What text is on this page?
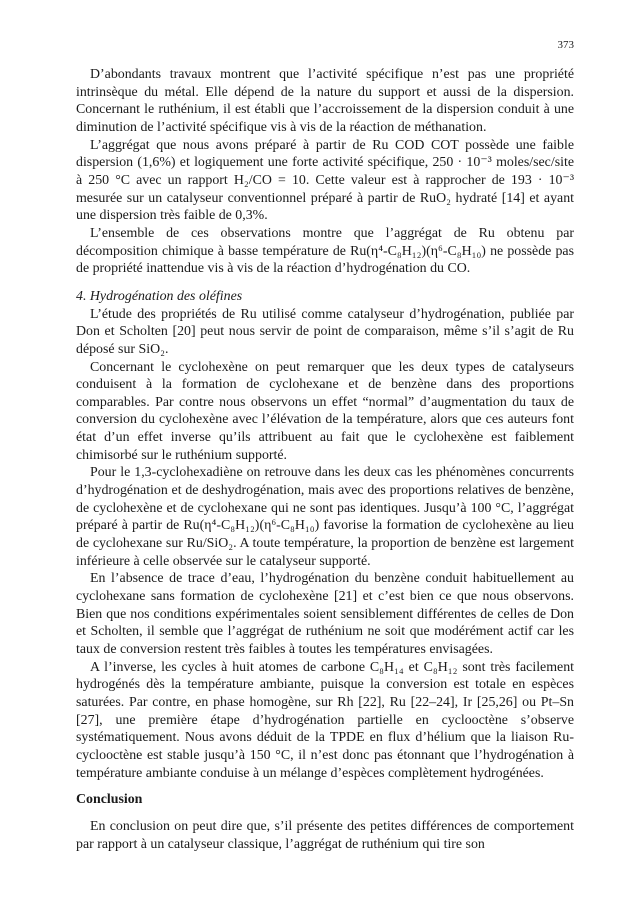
373

D’abondants travaux montrent que l’activité spécifique n’est pas une propriété intrinsèque du métal. Elle dépend de la nature du support et aussi de la dispersion. Concernant le ruthénium, il est établi que l’accroissement de la dispersion conduit à une diminution de l’activité spécifique vis à vis de la réaction de méthanation.

L’aggrégat que nous avons préparé à partir de Ru COD COT possède une faible dispersion (1,6%) et logiquement une forte activité spécifique, 250 · 10⁻³ moles/sec/site à 250 °C avec un rapport H₂/CO = 10. Cette valeur est à rapprocher de 193 · 10⁻³ mesurée sur un catalyseur conventionnel préparé à partir de RuO₂ hydraté [14] et ayant une dispersion très faible de 0,3%.

L’ensemble de ces observations montre que l’aggrégat de Ru obtenu par décomposition chimique à basse température de Ru(η⁴-C₈H₁₂)(η⁶-C₈H₁₀) ne possède pas de propriété inattendue vis à vis de la réaction d’hydrogénation du CO.

4. Hydrogénation des oléfines

L’étude des propriétés de Ru utilisé comme catalyseur d’hydrogénation, publiée par Don et Scholten [20] peut nous servir de point de comparaison, même s’il s’agit de Ru déposé sur SiO₂.

Concernant le cyclohexène on peut remarquer que les deux types de catalyseurs conduisent à la formation de cyclohexane et de benzène dans des proportions comparables. Par contre nous observons un effet “normal” d’augmentation du taux de conversion du cyclohexène avec l’élévation de la température, alors que ces auteurs font état d’un effet inverse qu’ils attribuent au fait que le cyclohexène est faiblement chimisorbé sur le ruthénium supporté.

Pour le 1,3-cyclohexadiène on retrouve dans les deux cas les phénomènes concurrents d’hydrogénation et de deshydrogénation, mais avec des proportions relatives de benzène, de cyclohexène et de cyclohexane qui ne sont pas identiques. Jusqu’à 100 °C, l’aggrégat préparé à partir de Ru(η⁴-C₈H₁₂)(η⁶-C₈H₁₀) favorise la formation de cyclohexène au lieu de cyclohexane sur Ru/SiO₂. A toute température, la proportion de benzène est largement inférieure à celle observée sur le catalyseur supporté.

En l’absence de trace d’eau, l’hydrogénation du benzène conduit habituellement au cyclohexane sans formation de cyclohexène [21] et c’est bien ce que nous observons. Bien que nos conditions expérimentales soient sensiblement différentes de celles de Don et Scholten, il semble que l’aggrégat de ruthénium ne soit que modérément actif car les taux de conversion restent très faibles à toutes les températures envisagées.

A l’inverse, les cycles à huit atomes de carbone C₈H₁₄ et C₈H₁₂ sont très facilement hydrogénés dès la température ambiante, puisque la conversion est totale en espèces saturées. Par contre, en phase homogène, sur Rh [22], Ru [22–24], Ir [25,26] ou Pt–Sn [27], une première étape d’hydrogénation partielle en cyclooctène s’observe systématiquement. Nous avons déduit de la TPDE en flux d’hélium que la liaison Ru-cyclooctène est stable jusqu’à 150 °C, il n’est donc pas étonnant que l’hydrogénation à température ambiante conduise à un mélange d’espèces complètement hydrogénées.

Conclusion

En conclusion on peut dire que, s’il présente des petites différences de comportement par rapport à un catalyseur classique, l’aggrégat de ruthénium qui tire son
